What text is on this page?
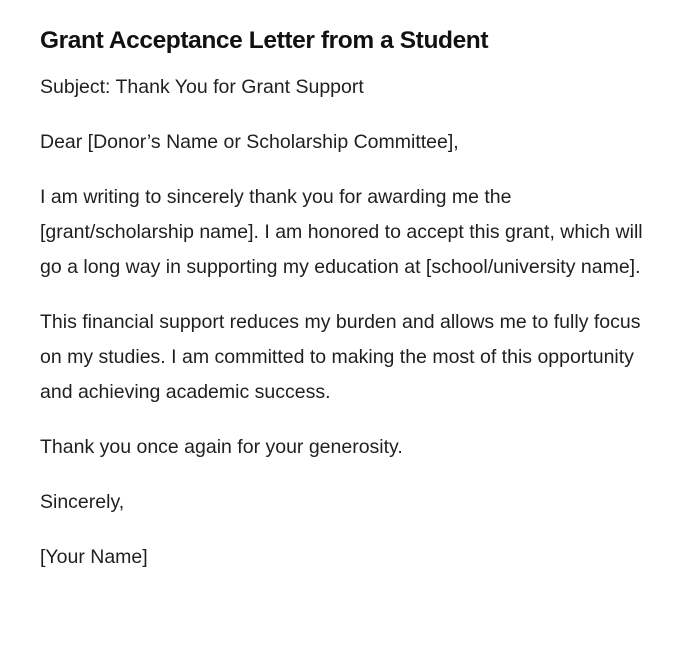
Grant Acceptance Letter from a Student

Subject: Thank You for Grant Support

Dear [Donor’s Name or Scholarship Committee],

I am writing to sincerely thank you for awarding me the [grant/scholarship name]. I am honored to accept this grant, which will go a long way in supporting my education at [school/university name].

This financial support reduces my burden and allows me to fully focus on my studies. I am committed to making the most of this opportunity and achieving academic success.

Thank you once again for your generosity.

Sincerely,

[Your Name]
